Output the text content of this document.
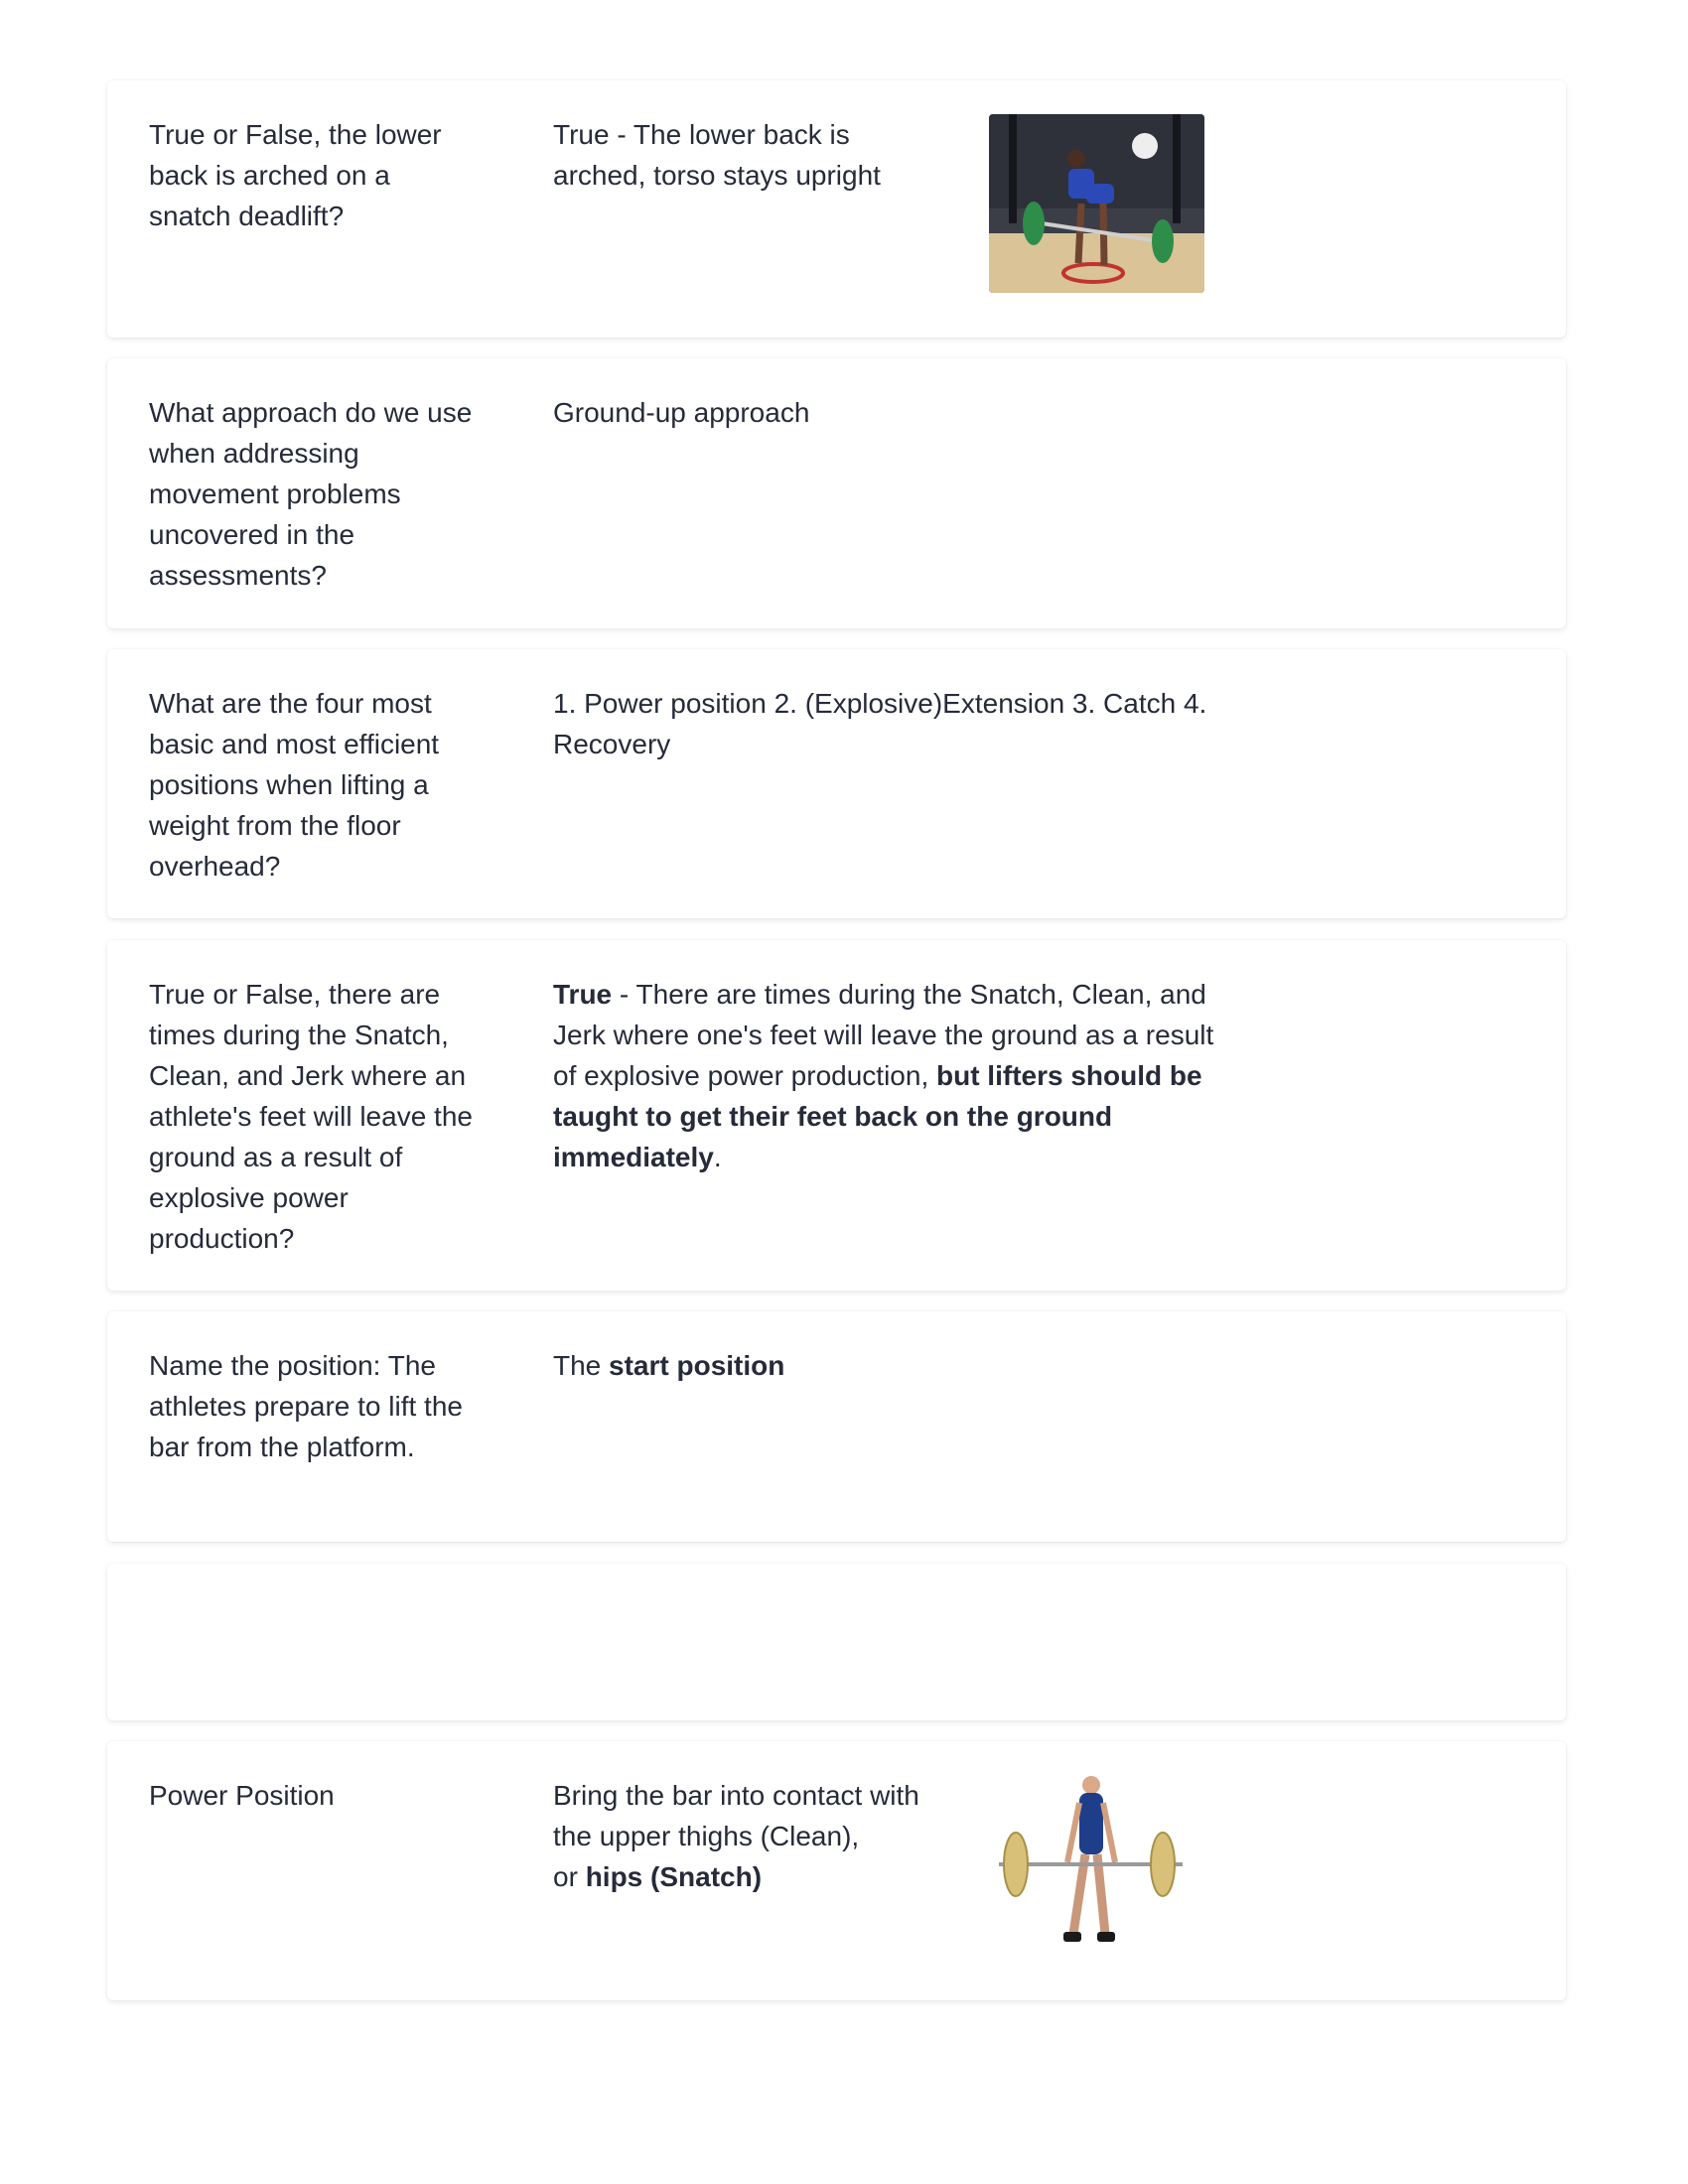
True or False, the lower back is arched on a snatch deadlift?
True - The lower back is arched, torso stays upright
What approach do we use when addressing movement problems uncovered in the assessments?
Ground-up approach
What are the four most basic and most efficient positions when lifting a weight from the floor overhead?
1. Power position 2. (Explosive)Extension 3. Catch 4. Recovery
True or False, there are times during the Snatch, Clean, and Jerk where an athlete's feet will leave the ground as a result of explosive power production?
True - There are times during the Snatch, Clean, and Jerk where one's feet will leave the ground as a result of explosive power production, but lifters should be taught to get their feet back on the ground immediately.
Name the position: The athletes prepare to lift the bar from the platform.
The start position
Power Position	Bring the bar into contact with the upper thighs (Clean),
or hips (Snatch)
